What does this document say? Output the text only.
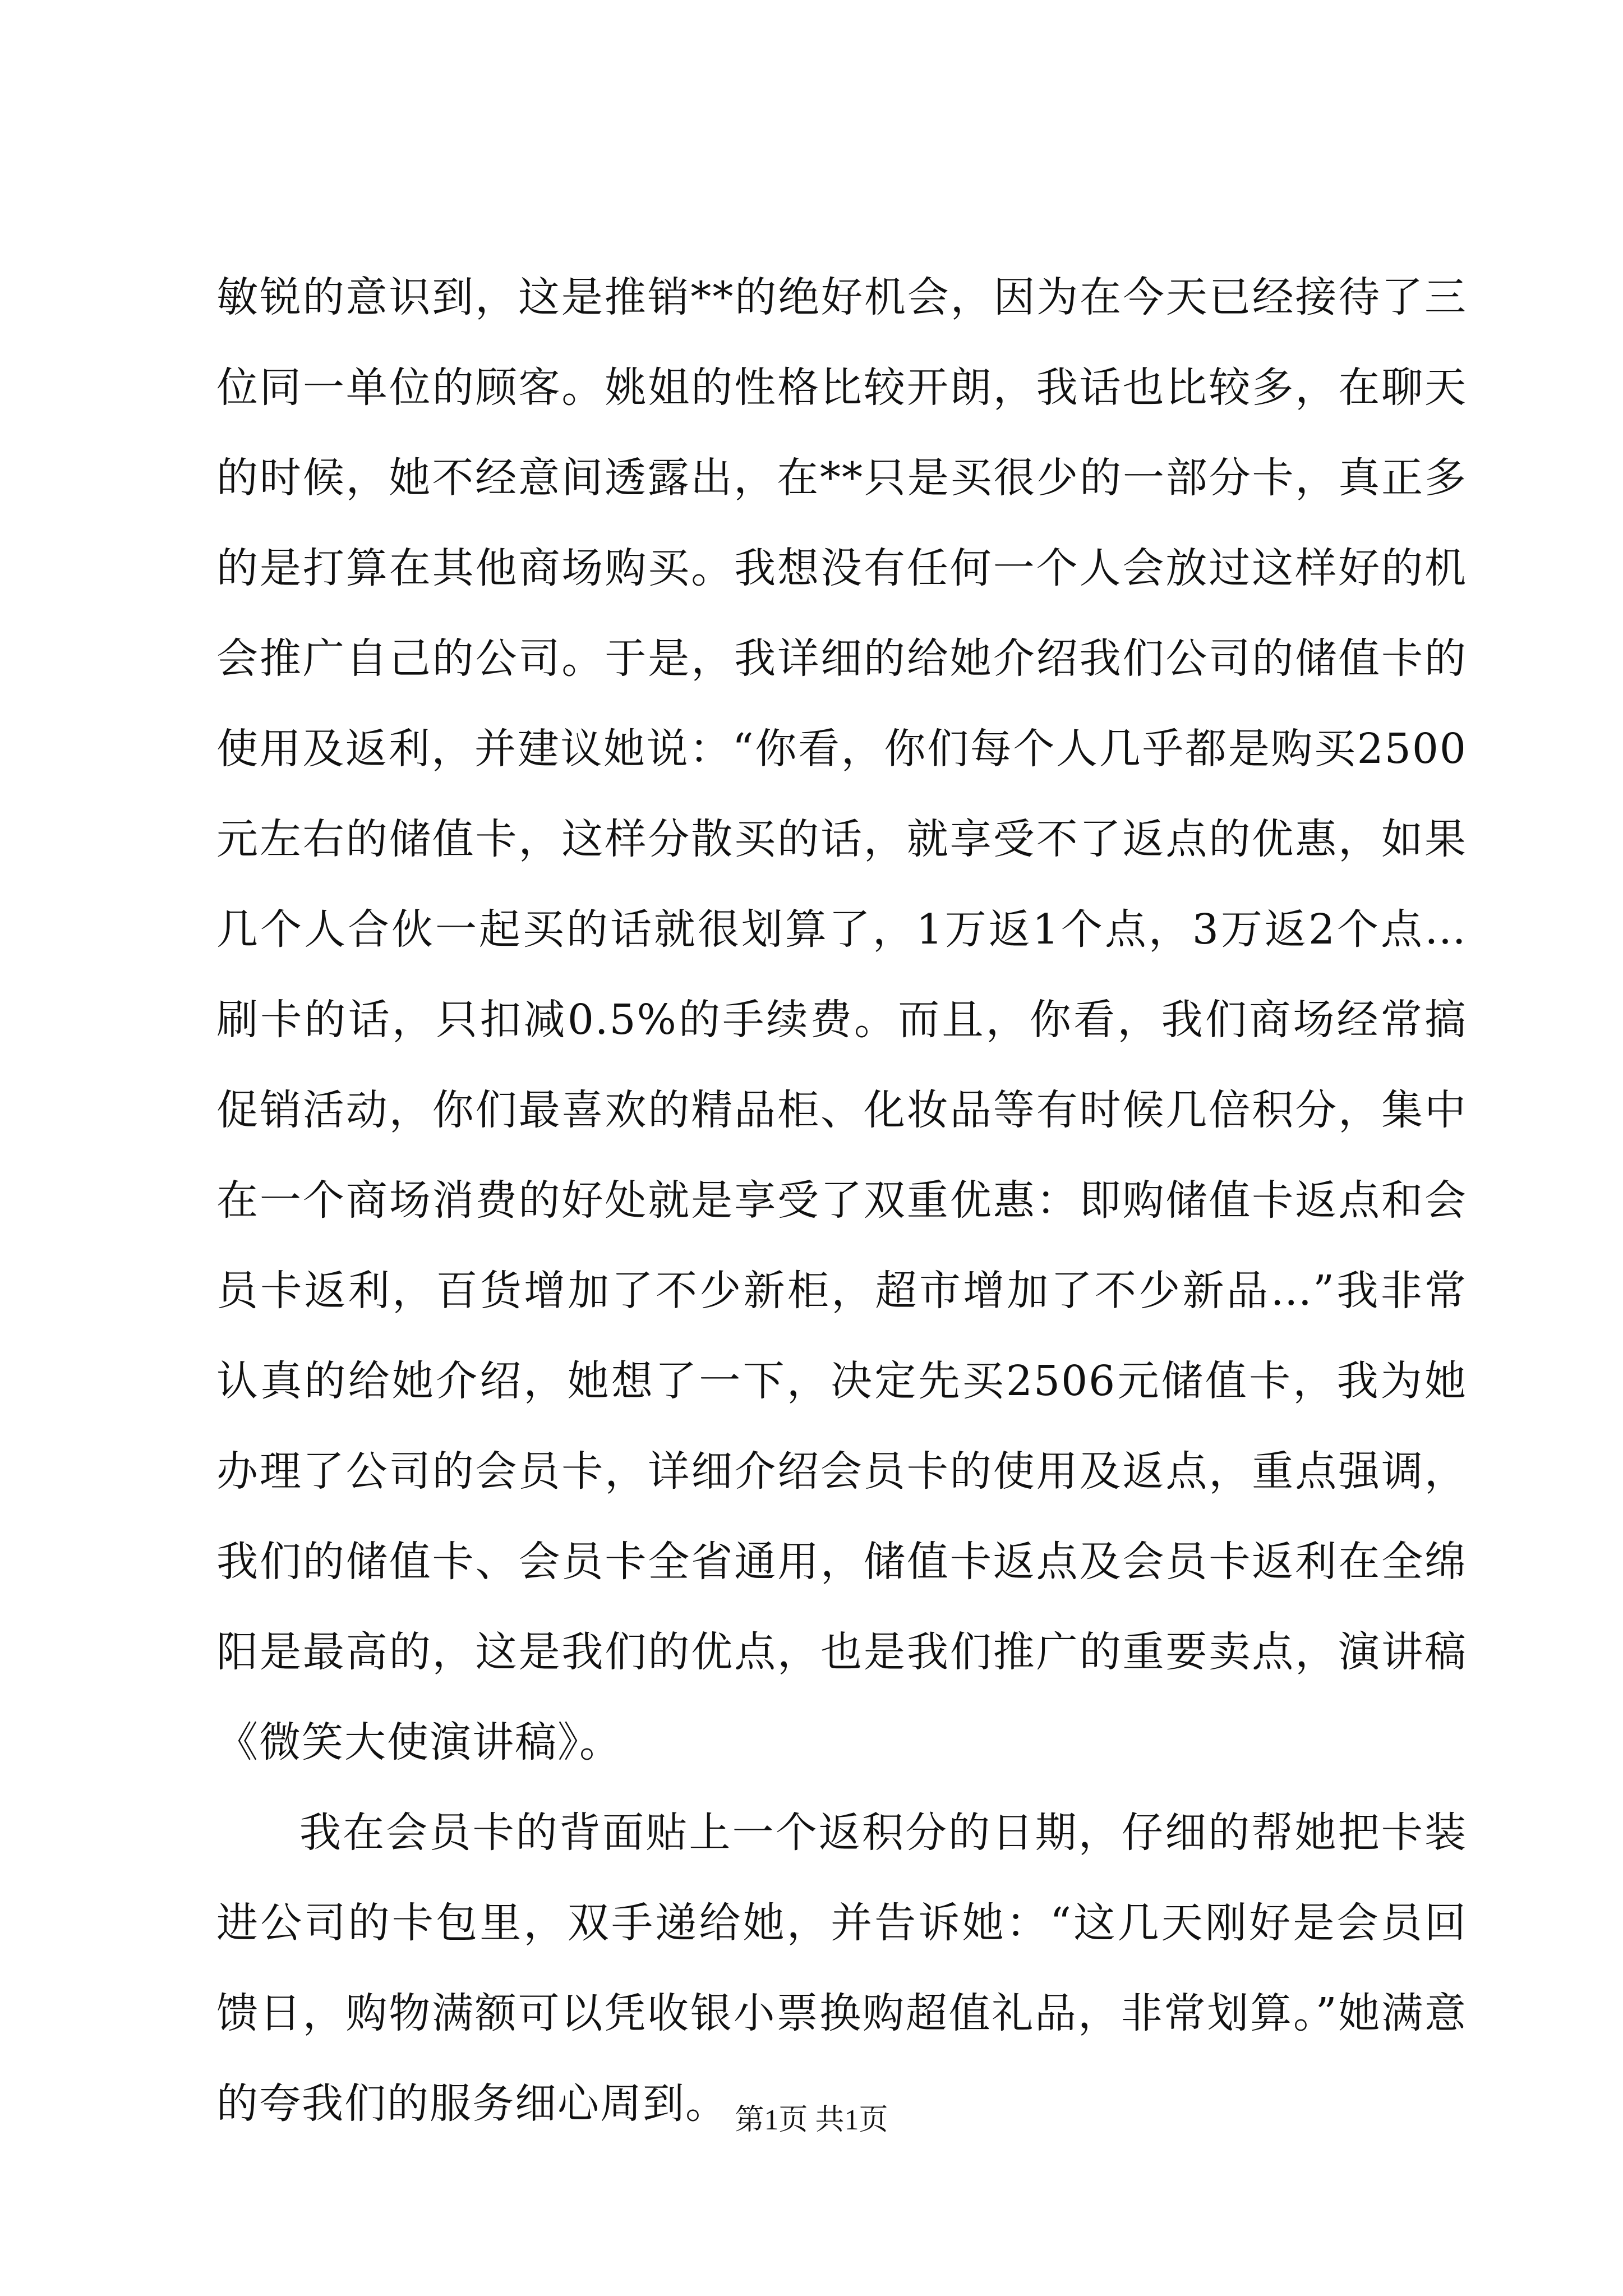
敏锐的意识到，这是推销**的绝好机会，因为在今天已经接待了三位同一单位的顾客。姚姐的性格比较开朗，我话也比较多，在聊天的时候，她不经意间透露出，在**只是买很少的一部分卡，真正多的是打算在其他商场购买。我想没有任何一个人会放过这样好的机会推广自己的公司。于是，我详细的给她介绍我们公司的储值卡的使用及返利，并建议她说：“你看，你们每个人几乎都是购买2500元左右的储值卡，这样分散买的话，就享受不了返点的优惠，如果几个人合伙一起买的话就很划算了，1万返1个点，3万返2个点…刷卡的话，只扣减0.5%的手续费。而且，你看，我们商场经常搞促销活动，你们最喜欢的精品柜、化妆品等有时候几倍积分，集中在一个商场消费的好处就是享受了双重优惠：即购储值卡返点和会员卡返利，百货增加了不少新柜，超市增加了不少新品…”我非常认真的给她介绍，她想了一下，决定先买2506元储值卡，我为她办理了公司的会员卡，详细介绍会员卡的使用及返点，重点强调，我们的储值卡、会员卡全省通用，储值卡返点及会员卡返利在全绵阳是最高的，这是我们的优点，也是我们推广的重要卖点，演讲稿《微笑大使演讲稿》。

我在会员卡的背面贴上一个返积分的日期，仔细的帮她把卡装进公司的卡包里，双手递给她，并告诉她：“这几天刚好是会员回馈日，购物满额可以凭收银小票换购超值礼品，非常划算。”她满意的夸我们的服务细心周到。 第1页 共1页
